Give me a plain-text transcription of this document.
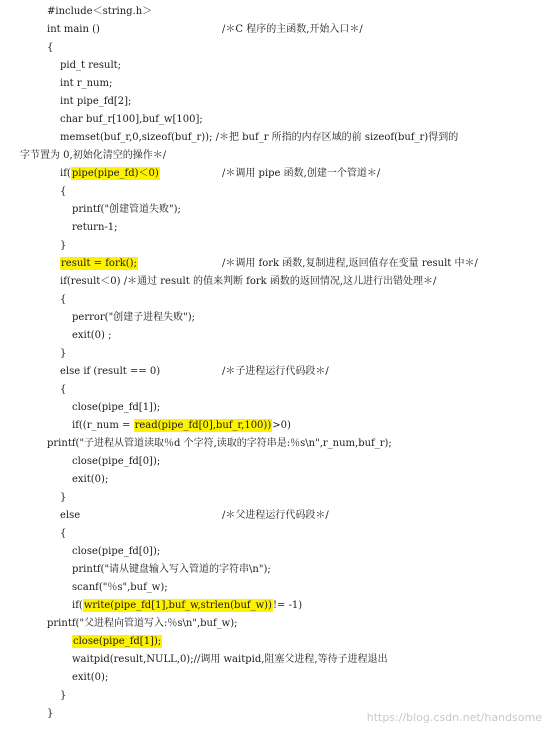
#include＜string.h＞
int main ()
{
pid_t result;
int r_num;
int pipe_fd[2];
char buf_r[100],buf_w[100];
memset(buf_r,0,sizeof(buf_r)); /＊把 buf_r 所指的内存区域的前 sizeof(buf_r)得到的
字节置为 0,初始化清空的操作＊/
if(pipe(pipe_fd)＜0)
{
printf("创建管道失败");
return-1;
}
result = fork();
if(result＜0) /＊通过 result 的值来判断 fork 函数的返回情况,这儿进行出错处理＊/
{
perror("创建子进程失败");
exit(0) ;
}
else if (result == 0)
{
close(pipe_fd[1]);
if((r_num = read(pipe_fd[0],buf_r,100))>0)
printf("子进程从管道读取％d 个字符,读取的字符串是:％s\n",r_num,buf_r);
close(pipe_fd[0]);
exit(0);
}
else
{
close(pipe_fd[0]);
printf("请从键盘输入写入管道的字符串\n");
scanf("％s",buf_w);
if(write(pipe_fd[1],buf_w,strlen(buf_w))!= -1)
printf("父进程向管道写入:％s\n",buf_w);
close(pipe_fd[1]);
waitpid(result,NULL,0);//调用 waitpid,阻塞父进程,等待子进程退出
exit(0);
}
}
/＊C 程序的主函数,开始入口＊/
/＊调用 pipe 函数,创建一个管道＊/
/＊调用 fork 函数,复制进程,返回值存在变量 result 中＊/
/＊子进程运行代码段＊/
/＊父进程运行代码段＊/
https://blog.csdn.net/handsome
